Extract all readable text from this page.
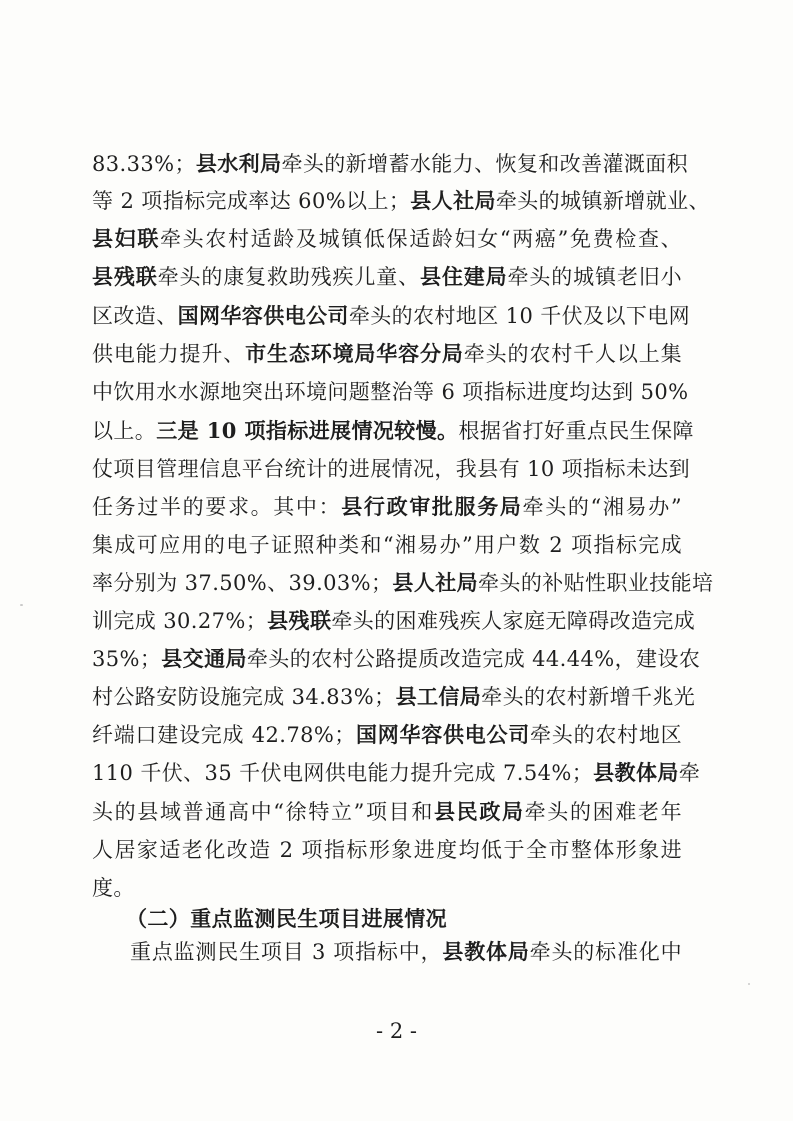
83.33%；县水利局牵头的新增蓄水能力、恢复和改善灌溉面积
等 2 项指标完成率达 60%以上；县人社局牵头的城镇新增就业、
县妇联牵头农村适龄及城镇低保适龄妇女“两癌”免费检查、
县残联牵头的康复救助残疾儿童、县住建局牵头的城镇老旧小
区改造、国网华容供电公司牵头的农村地区 10 千伏及以下电网
供电能力提升、市生态环境局华容分局牵头的农村千人以上集
中饮用水水源地突出环境问题整治等 6 项指标进度均达到 50%
以上。三是 10 项指标进展情况较慢。根据省打好重点民生保障
仗项目管理信息平台统计的进展情况，我县有 10 项指标未达到
任务过半的要求。其中：县行政审批服务局牵头的“湘易办”
集成可应用的电子证照种类和“湘易办”用户数 2 项指标完成
率分别为 37.50%、39.03%；县人社局牵头的补贴性职业技能培
训完成 30.27%；县残联牵头的困难残疾人家庭无障碍改造完成
35%；县交通局牵头的农村公路提质改造完成 44.44%，建设农
村公路安防设施完成 34.83%；县工信局牵头的农村新增千兆光
纤端口建设完成 42.78%；国网华容供电公司牵头的农村地区
110 千伏、35 千伏电网供电能力提升完成 7.54%；县教体局牵
头的县域普通高中“徐特立”项目和县民政局牵头的困难老年
人居家适老化改造 2 项指标形象进度均低于全市整体形象进
度。
（二）重点监测民生项目进展情况
重点监测民生项目 3 项指标中，县教体局牵头的标准化中
- 2 -
